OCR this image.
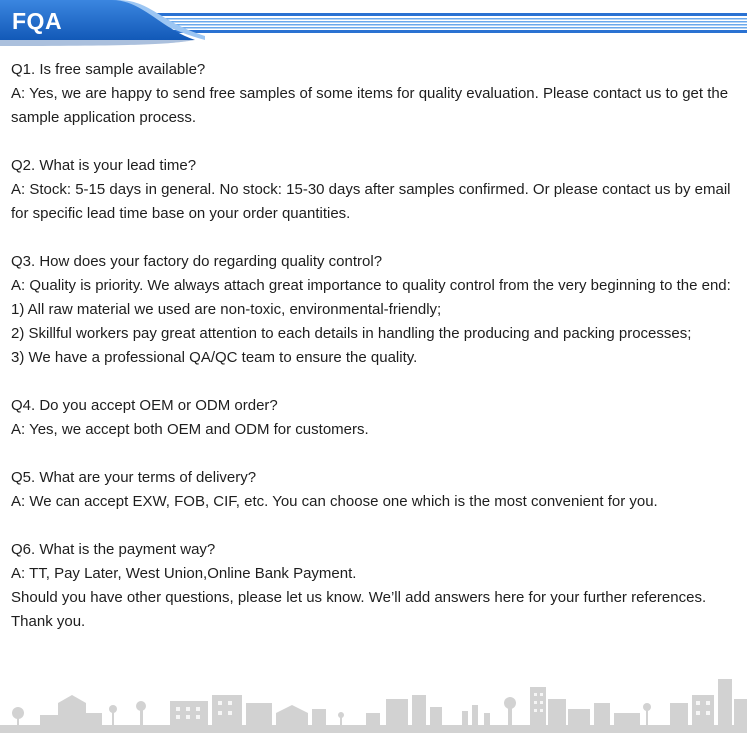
FQA

Q1. Is free sample available?

A: Yes, we are happy to send free samples of some items for quality evaluation. Please contact us to get the sample application process.

Q2. What is your lead time?

A: Stock: 5-15 days in general. No stock: 15-30 days after samples confirmed. Or please contact us by email for specific lead time base on your order quantities.

Q3. How does your factory do regarding quality control?

A: Quality is priority. We always attach great importance to quality control from the very beginning to the end:

1) All raw material we used are non-toxic, environmental-friendly;

2) Skillful workers pay great attention to each details in handling the producing and packing processes;

3) We have a professional QA/QC team to ensure the quality.

Q4. Do you accept OEM or ODM order?

A: Yes, we accept both OEM and ODM for customers.

Q5. What are your terms of delivery?

A: We can accept EXW, FOB, CIF, etc. You can choose one which is the most convenient for you.

Q6. What is the payment way?

A: TT, Pay Later, West Union,Online Bank Payment.

Should you have other questions, please let us know. We’ll add answers here for your further references. Thank you.
